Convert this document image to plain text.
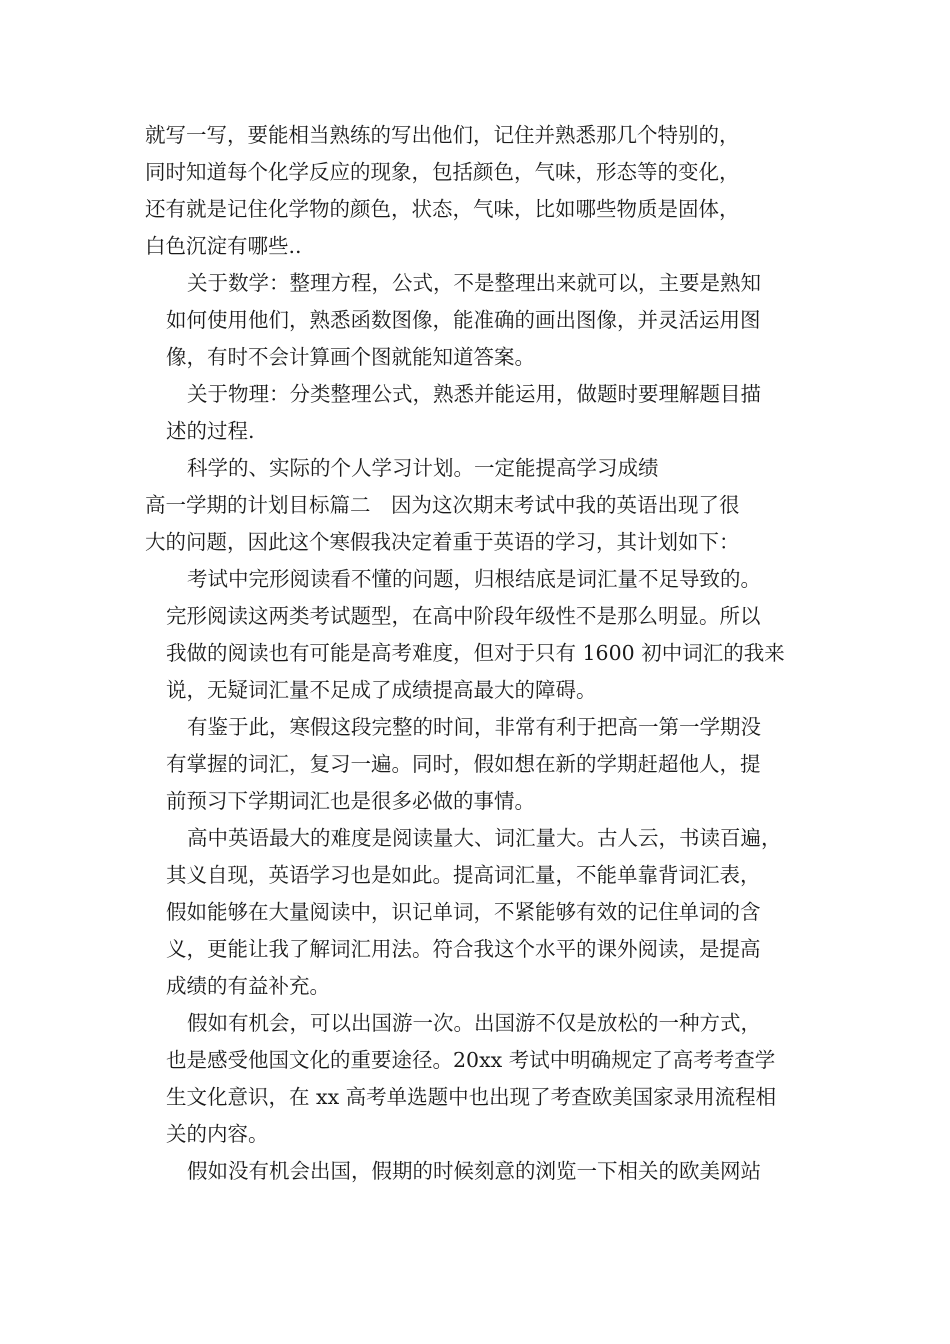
就写一写，要能相当熟练的写出他们，记住并熟悉那几个特别的，
同时知道每个化学反应的现象，包括颜色，气味，形态等的变化，
还有就是记住化学物的颜色，状态，气味，比如哪些物质是固体，
白色沉淀有哪些..
关于数学：整理方程，公式，不是整理出来就可以，主要是熟知
如何使用他们，熟悉函数图像，能准确的画出图像，并灵活运用图
像，有时不会计算画个图就能知道答案。
关于物理：分类整理公式，熟悉并能运用，做题时要理解题目描
述的过程.
科学的、实际的个人学习计划。一定能提高学习成绩
高一学期的计划目标篇二　因为这次期末考试中我的英语出现了很
大的问题，因此这个寒假我决定着重于英语的学习，其计划如下：
考试中完形阅读看不懂的问题，归根结底是词汇量不足导致的。
完形阅读这两类考试题型，在高中阶段年级性不是那么明显。所以
我做的阅读也有可能是高考难度，但对于只有 1600 初中词汇的我来
说，无疑词汇量不足成了成绩提高最大的障碍。
有鉴于此，寒假这段完整的时间，非常有利于把高一第一学期没
有掌握的词汇，复习一遍。同时，假如想在新的学期赶超他人，提
前预习下学期词汇也是很多必做的事情。
高中英语最大的难度是阅读量大、词汇量大。古人云，书读百遍，
其义自现，英语学习也是如此。提高词汇量，不能单靠背词汇表，
假如能够在大量阅读中，识记单词，不紧能够有效的记住单词的含
义，更能让我了解词汇用法。符合我这个水平的课外阅读，是提高
成绩的有益补充。
假如有机会，可以出国游一次。出国游不仅是放松的一种方式，
也是感受他国文化的重要途径。20xx 考试中明确规定了高考考查学
生文化意识，在 xx 高考单选题中也出现了考查欧美国家录用流程相
关的内容。
假如没有机会出国，假期的时候刻意的浏览一下相关的欧美网站
